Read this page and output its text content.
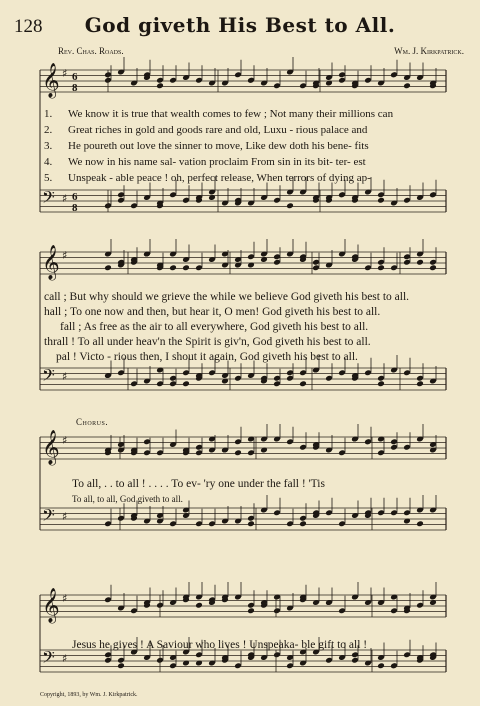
128	God giveth His Best to All.
Rev. Chas. Roads.	Wm. J. Kirkpatrick.
𝄞 ♯ 6
8
𝄢 ♯ 6
8
𝄞 ♯
𝄢 ♯
𝄞 ♯
𝄢 ♯
𝄞 ♯
𝄢 ♯
1. We know it is true that wealth comes to few ; Not many their millions can
2. Great riches in gold and goods rare and old, Luxu - rious palace and
3. He poureth out love the sinner to move, Like dew doth his bene- fits
4. We now in his name sal- vation proclaim From sin in its bit- ter- est
5. Unspeak - able peace ! oh, perfect release, When terrors of dying ap-
call ; But why should we grieve the while we believe God giveth his best to all.
hall ; To one now and then, but hear it, O men! God giveth his best to all.
fall ; As free as the air to all everywhere, God giveth his best to all.
thrall ! To all under heav'n the Spirit is giv'n, God giveth his best to all.
pal ! Victo - rious then, I shout it again, God giveth his best to all.
Chorus.
To all, . . to all ! . . . . To ev- 'ry one under the fall ! 'Tis
To all, to all, God giveth to all.
Jesus he gives ! A Saviour who lives ! Unspeaka- ble gift to all !
Copyright, 1893, by Wm. J. Kirkpatrick.
